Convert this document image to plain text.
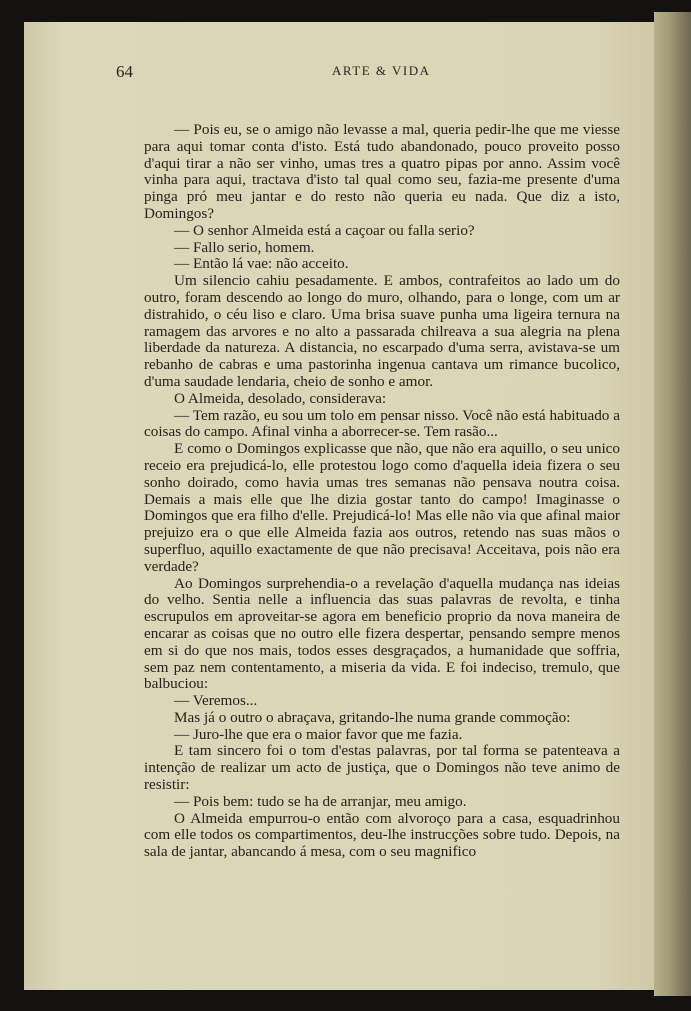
64	ARTE & VIDA

— Pois eu, se o amigo não levasse a mal, queria pedir-lhe que me viesse para aqui tomar conta d'isto. Está tudo abandonado, pouco proveito posso d'aqui tirar a não ser vinho, umas tres a quatro pipas por anno. Assim você vinha para aqui, tractava d'isto tal qual como seu, fazia-me presente d'uma pinga pró meu jantar e do resto não queria eu nada. Que diz a isto, Domingos?

— O senhor Almeida está a caçoar ou falla serio?

— Fallo serio, homem.

— Então lá vae: não acceito.

Um silencio cahiu pesadamente. E ambos, contrafeitos ao lado um do outro, foram descendo ao longo do muro, olhando, para o longe, com um ar distrahido, o céu liso e claro. Uma brisa suave punha uma ligeira ternura na ramagem das arvores e no alto a passarada chilreava a sua alegria na plena liberdade da natureza. A distancia, no escarpado d'uma serra, avistava-se um rebanho de cabras e uma pastorinha ingenua cantava um rimance bucolico, d'uma saudade lendaria, cheio de sonho e amor.

O Almeida, desolado, considerava:

— Tem razão, eu sou um tolo em pensar nisso. Você não está habituado a coisas do campo. Afinal vinha a aborrecer-se. Tem rasão...

E como o Domingos explicasse que não, que não era aquillo, o seu unico receio era prejudicá-lo, elle protestou logo como d'aquella ideia fizera o seu sonho doirado, como havia umas tres semanas não pensava noutra coisa. Demais a mais elle que lhe dizia gostar tanto do campo! Imaginasse o Domingos que era filho d'elle. Prejudicá-lo! Mas elle não via que afinal maior prejuizo era o que elle Almeida fazia aos outros, retendo nas suas mãos o superfluo, aquillo exactamente de que não precisava! Acceitava, pois não era verdade?

Ao Domingos surprehendia-o a revelação d'aquella mudança nas ideias do velho. Sentia nelle a influencia das suas palavras de revolta, e tinha escrupulos em aproveitar-se agora em beneficio proprio da nova maneira de encarar as coisas que no outro elle fizera despertar, pensando sempre menos em si do que nos mais, todos esses desgraçados, a humanidade que soffria, sem paz nem contentamento, a miseria da vida. E foi indeciso, tremulo, que balbuciou:

— Veremos...

Mas já o outro o abraçava, gritando-lhe numa grande commoção:

— Juro-lhe que era o maior favor que me fazia.

E tam sincero foi o tom d'estas palavras, por tal forma se patenteava a intenção de realizar um acto de justiça, que o Domingos não teve animo de resistir:

— Pois bem: tudo se ha de arranjar, meu amigo.

O Almeida empurrou-o então com alvoroço para a casa, esquadrinhou com elle todos os compartimentos, deu-lhe instrucções sobre tudo. Depois, na sala de jantar, abancando á mesa, com o seu magnifico
